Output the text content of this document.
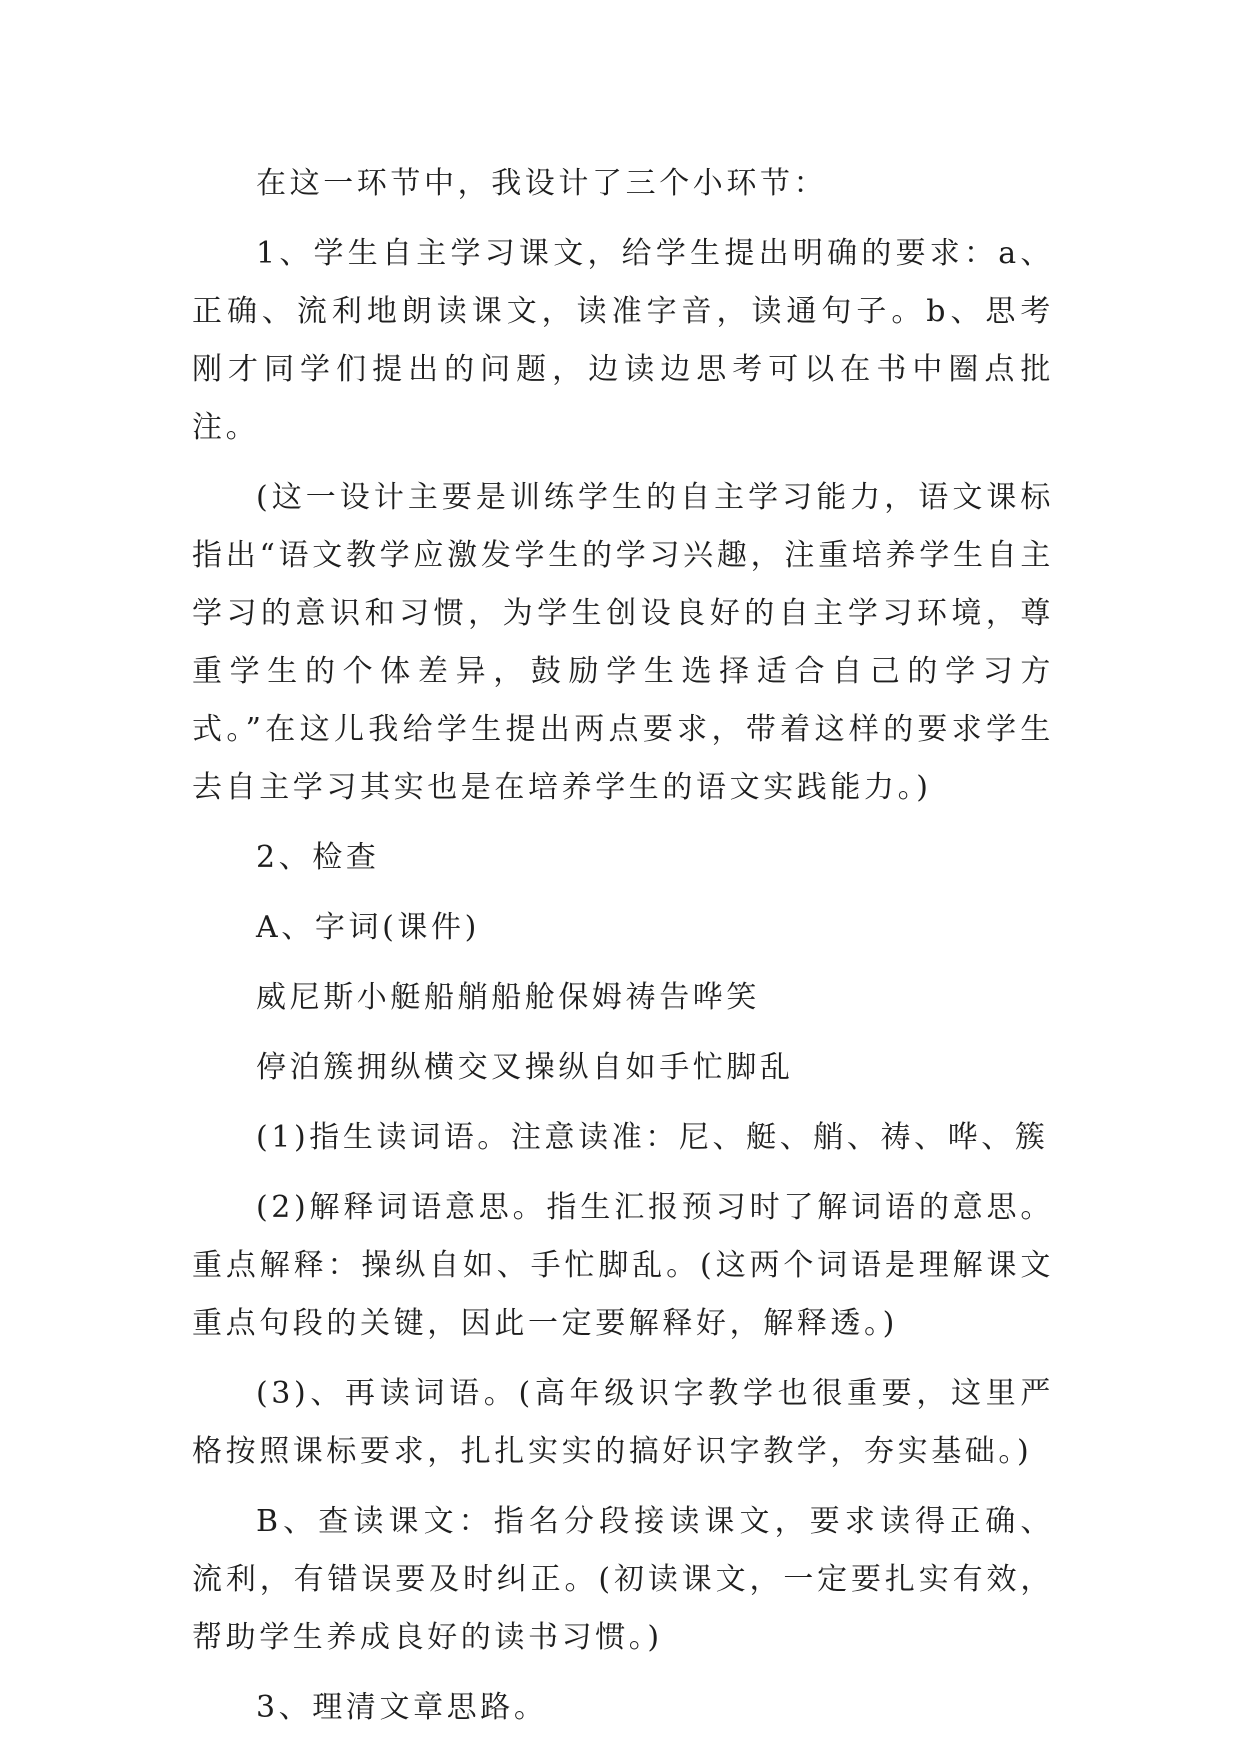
在这一环节中，我设计了三个小环节：

1、学生自主学习课文，给学生提出明确的要求：a、正确、流利地朗读课文，读准字音，读通句子。b、思考刚才同学们提出的问题，边读边思考可以在书中圈点批注。

(这一设计主要是训练学生的自主学习能力，语文课标指出“语文教学应激发学生的学习兴趣，注重培养学生自主学习的意识和习惯，为学生创设良好的自主学习环境，尊重学生的个体差异，鼓励学生选择适合自己的学习方式。”在这儿我给学生提出两点要求，带着这样的要求学生去自主学习其实也是在培养学生的语文实践能力。)

2、检查

A、字词(课件)

威尼斯小艇船艄船舱保姆祷告哗笑

停泊簇拥纵横交叉操纵自如手忙脚乱

(1)指生读词语。注意读准：尼、艇、艄、祷、哗、簇

(2)解释词语意思。指生汇报预习时了解词语的意思。重点解释：操纵自如、手忙脚乱。(这两个词语是理解课文重点句段的关键，因此一定要解释好，解释透。)

(3)、再读词语。(高年级识字教学也很重要，这里严格按照课标要求，扎扎实实的搞好识字教学，夯实基础。)

B、查读课文：指名分段接读课文，要求读得正确、流利，有错误要及时纠正。(初读课文，一定要扎实有效，帮助学生养成良好的读书习惯。)

3、理清文章思路。
